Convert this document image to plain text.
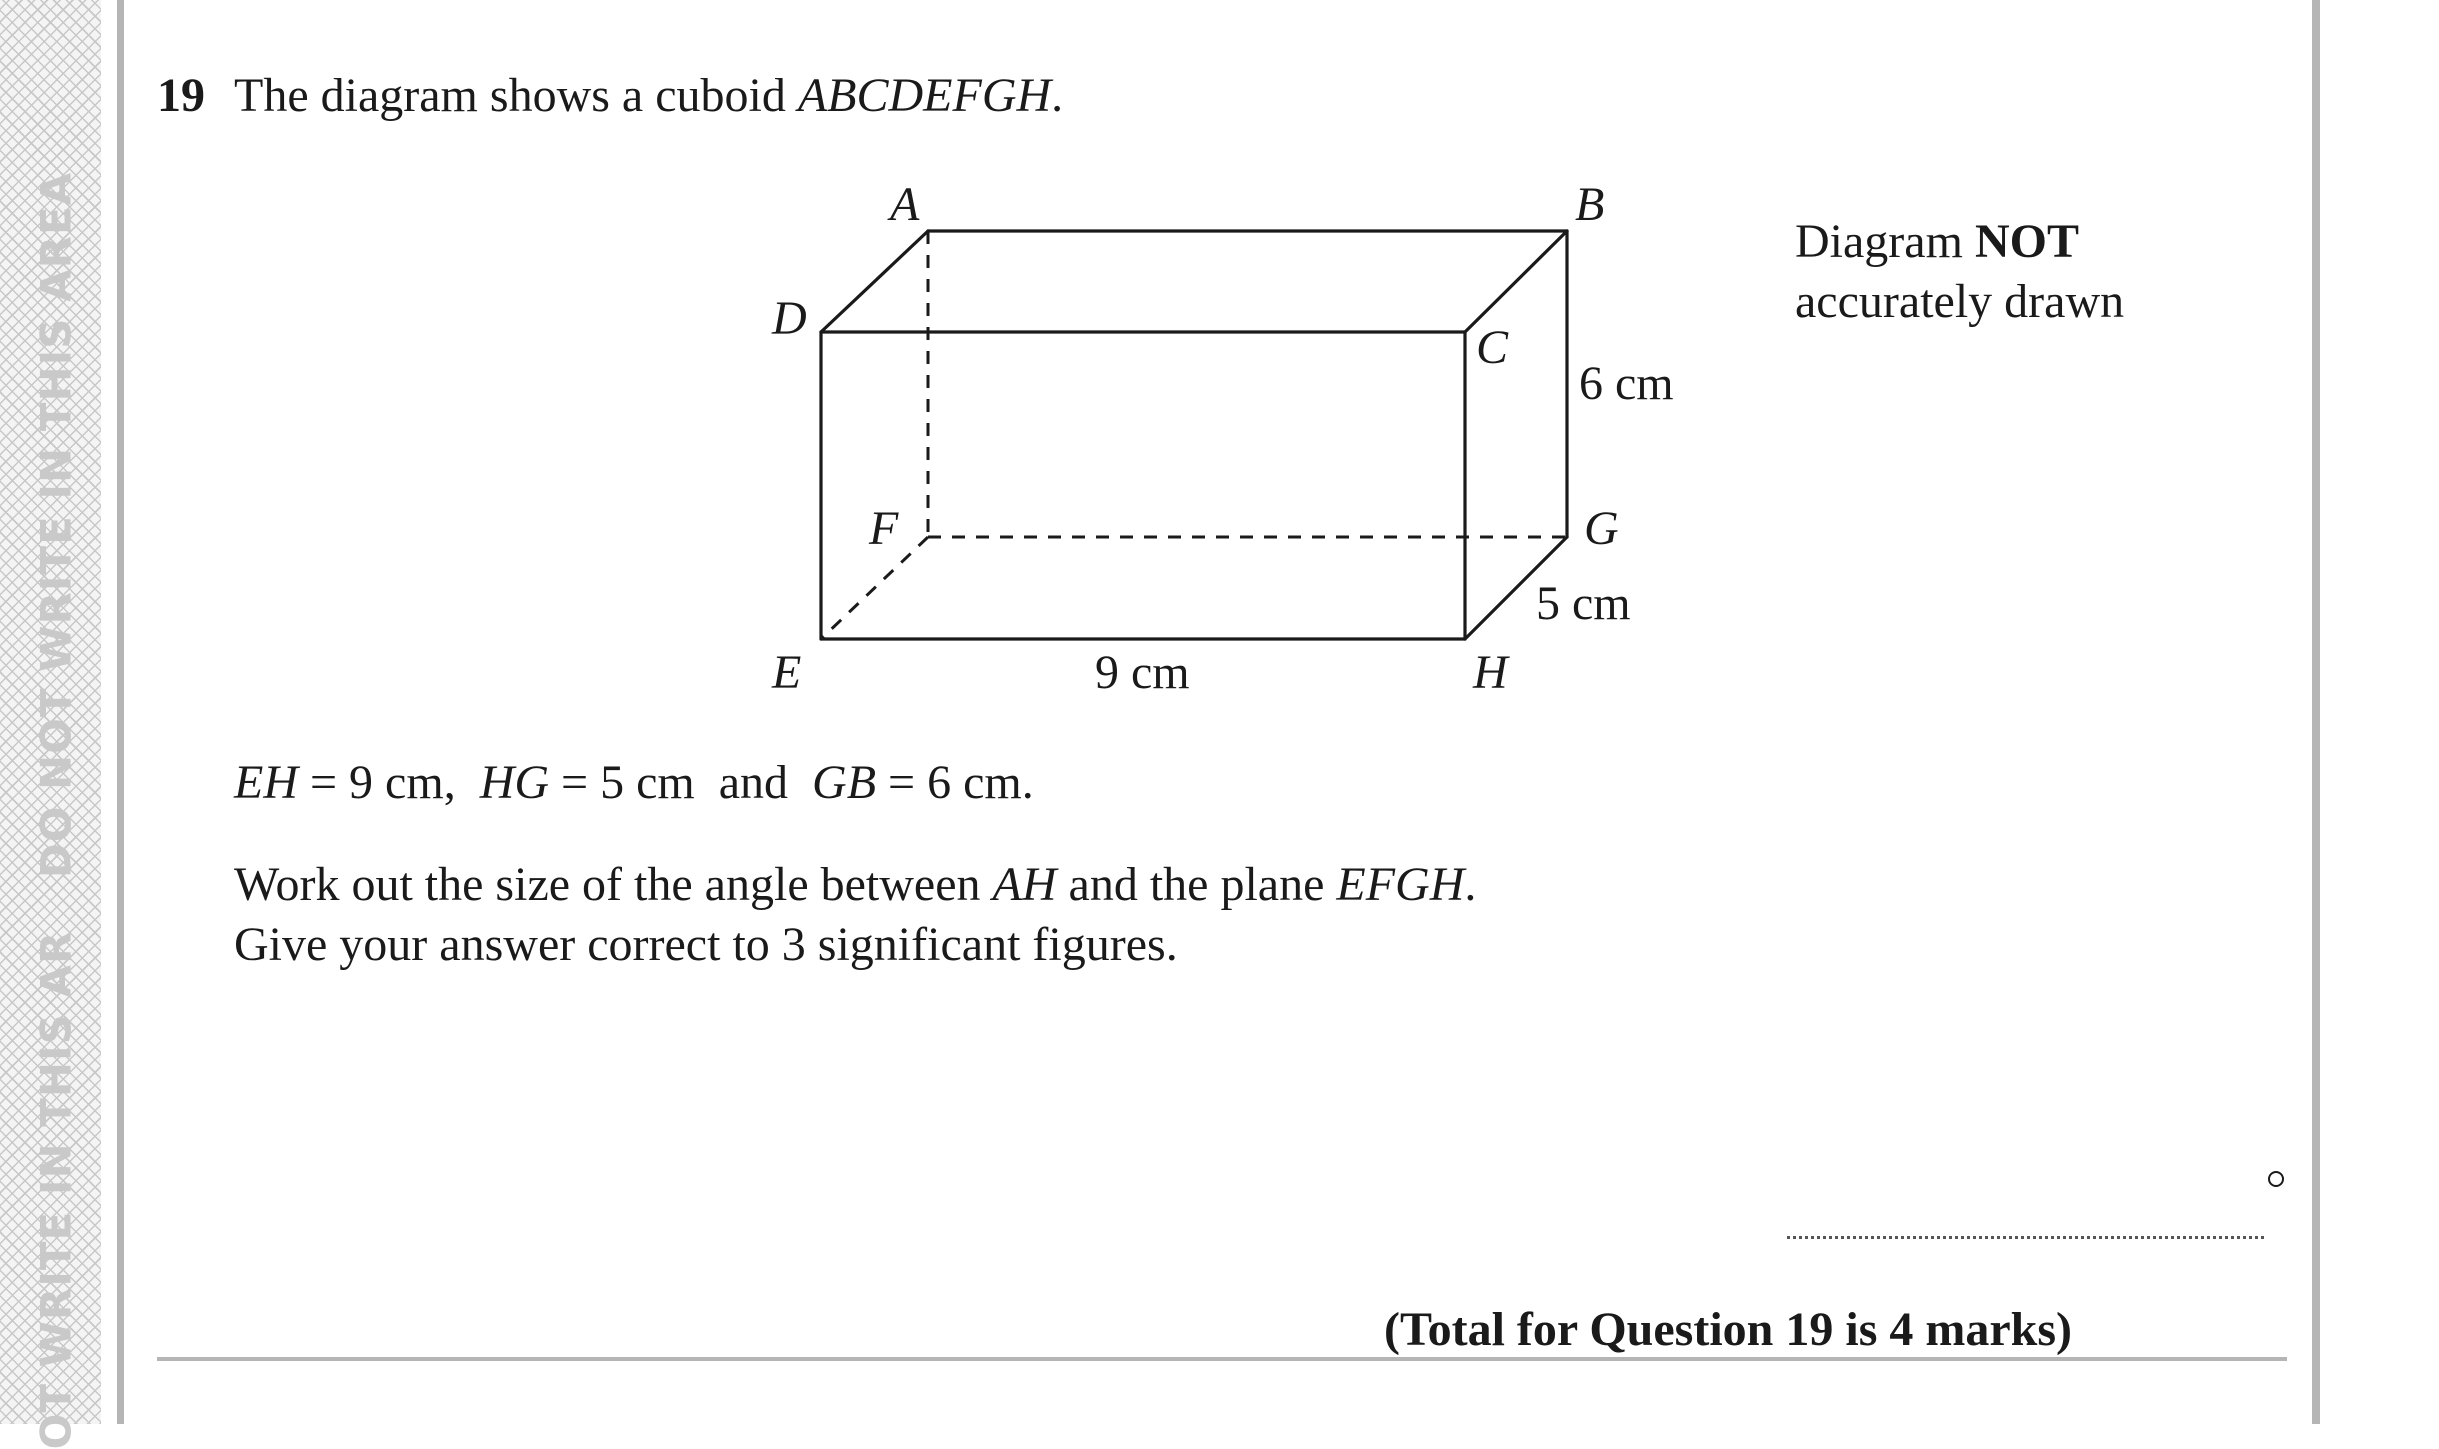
DO NOT WRITE IN THIS AREA
OT WRITE IN THIS AR
19 The diagram shows a cuboid ABCDEFGH.
A	B
C
D
E
F	G
H
6 cm
5 cm
9 cm
Diagram NOT
accurately drawn
EH = 9 cm,  HG = 5 cm  and  GB = 6 cm.
Work out the size of the angle between AH and the plane EFGH.
Give your answer correct to 3 significant figures.
(Total for Question 19 is 4 marks)
